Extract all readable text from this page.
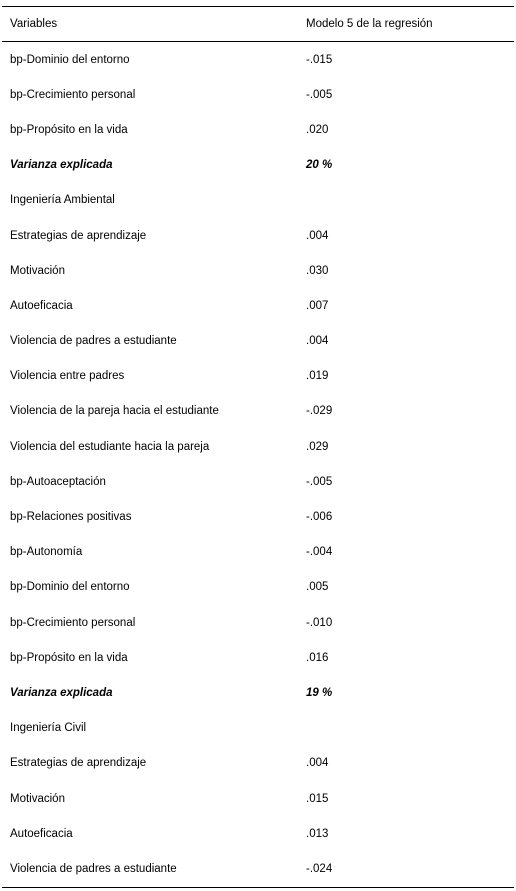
Variables	Modelo 5 de la regresión
bp-Dominio del entorno	-.015
bp-Crecimiento personal	-.005
bp-Propósito en la vida	.020
Varianza explicada	20 %
Ingeniería Ambiental
Estrategias de aprendizaje	.004
Motivación	.030
Autoeficacia	.007
Violencia de padres a estudiante	.004
Violencia entre padres	.019
Violencia de la pareja hacia el estudiante	-.029
Violencia del estudiante hacia la pareja	.029
bp-Autoaceptación	-.005
bp-Relaciones positivas	-.006
bp-Autonomía	-.004
bp-Dominio del entorno	.005
bp-Crecimiento personal	-.010
bp-Propósito en la vida	.016
Varianza explicada	19 %
Ingeniería Civil
Estrategias de aprendizaje	.004
Motivación	.015
Autoeficacia	.013
Violencia de padres a estudiante	-.024
